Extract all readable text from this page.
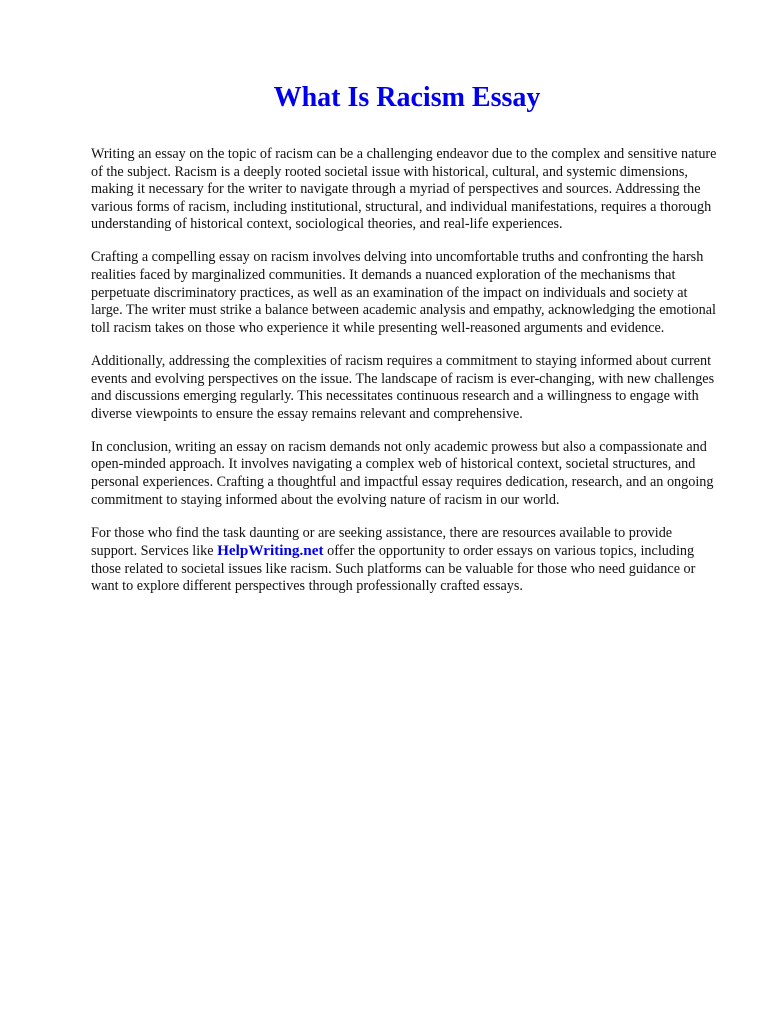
What Is Racism Essay

Writing an essay on the topic of racism can be a challenging endeavor due to the complex and sensitive nature of the subject. Racism is a deeply rooted societal issue with historical, cultural, and systemic dimensions, making it necessary for the writer to navigate through a myriad of perspectives and sources. Addressing the various forms of racism, including institutional, structural, and individual manifestations, requires a thorough understanding of historical context, sociological theories, and real-life experiences.

Crafting a compelling essay on racism involves delving into uncomfortable truths and confronting the harsh realities faced by marginalized communities. It demands a nuanced exploration of the mechanisms that perpetuate discriminatory practices, as well as an examination of the impact on individuals and society at large. The writer must strike a balance between academic analysis and empathy, acknowledging the emotional toll racism takes on those who experience it while presenting well-reasoned arguments and evidence.

Additionally, addressing the complexities of racism requires a commitment to staying informed about current events and evolving perspectives on the issue. The landscape of racism is ever-changing, with new challenges and discussions emerging regularly. This necessitates continuous research and a willingness to engage with diverse viewpoints to ensure the essay remains relevant and comprehensive.

In conclusion, writing an essay on racism demands not only academic prowess but also a compassionate and open-minded approach. It involves navigating a complex web of historical context, societal structures, and personal experiences. Crafting a thoughtful and impactful essay requires dedication, research, and an ongoing commitment to staying informed about the evolving nature of racism in our world.

For those who find the task daunting or are seeking assistance, there are resources available to provide support. Services like HelpWriting.net offer the opportunity to order essays on various topics, including those related to societal issues like racism. Such platforms can be valuable for those who need guidance or want to explore different perspectives through professionally crafted essays.
